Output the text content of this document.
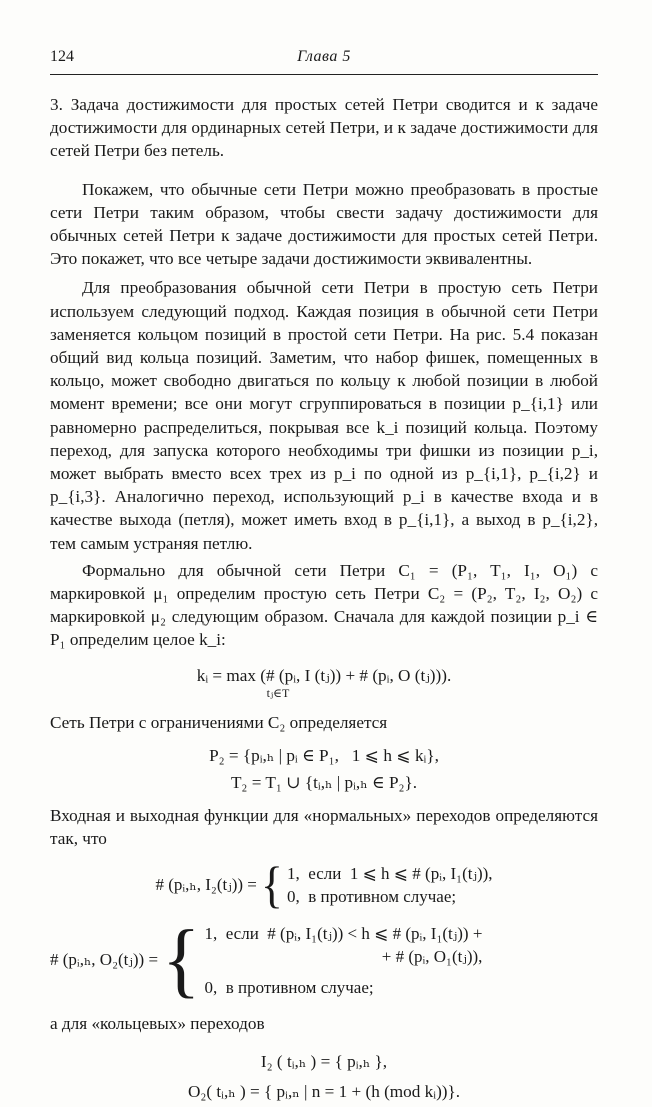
124	Глава 5

3. Задача достижимости для простых сетей Петри сводится и к задаче достижимости для ординарных сетей Петри, и к задаче достижимости для сетей Петри без петель.

Покажем, что обычные сети Петри можно преобразовать в простые сети Петри таким образом, чтобы свести задачу достижимости для обычных сетей Петри к задаче достижимости для простых сетей Петри. Это покажет, что все четыре задачи достижимости эквивалентны.

Для преобразования обычной сети Петри в простую сеть Петри используем следующий подход. Каждая позиция в обычной сети Петри заменяется кольцом позиций в простой сети Петри. На рис. 5.4 показан общий вид кольца позиций. Заметим, что набор фишек, помещенных в кольцо, может свободно двигаться по кольцу к любой позиции в любой момент времени; все они могут сгруппироваться в позиции p_{i,1} или равномерно распределиться, покрывая все k_i позиций кольца. Поэтому переход, для запуска которого необходимы три фишки из позиции p_i, может выбрать вместо всех трех из p_i по одной из p_{i,1}, p_{i,2} и p_{i,3}. Аналогично переход, использующий p_i в качестве входа и в качестве выхода (петля), может иметь вход в p_{i,1}, а выход в p_{i,2}, тем самым устраняя петлю.

Формально для обычной сети Петри C₁ = (P₁, T₁, I₁, O₁) с маркировкой μ₁ определим простую сеть Петри C₂ = (P₂, T₂, I₂, O₂) с маркировкой μ₂ следующим образом. Сначала для каждой позиции p_i ∈ P₁ определим целое k_i:

kᵢ = max (# (pᵢ, I (tⱼ)) + # (pᵢ, O (tⱼ))).
tⱼ∈T

Сеть Петри с ограничениями C₂ определяется

P₂ = {pᵢ,ₕ | pᵢ ∈ P₁,   1 ⩽ h ⩽ kᵢ},
T₂ = T₁ ∪ {tᵢ,ₕ | pᵢ,ₕ ∈ P₂}.

Входная и выходная функции для «нормальных» переходов определяются так, что

# (pᵢ,ₕ, I₂(tⱼ)) = { 1,  если  1 ⩽ h ⩽ # (pᵢ, I₁(tⱼ)),
0,  в противном случае;
# (pᵢ,ₕ, O₂(tⱼ)) = { 1,  если  # (pᵢ, I₁(tⱼ)) < h ⩽ # (pᵢ, I₁(tⱼ)) +
+ # (pᵢ, O₁(tⱼ)),
0,  в противном случае;

а для «кольцевых» переходов

I₂ ( tᵢ,ₕ ) = { pᵢ,ₕ },
O₂( tᵢ,ₕ ) = { pᵢ,ₙ | n = 1 + (h (mod kᵢ))}.
